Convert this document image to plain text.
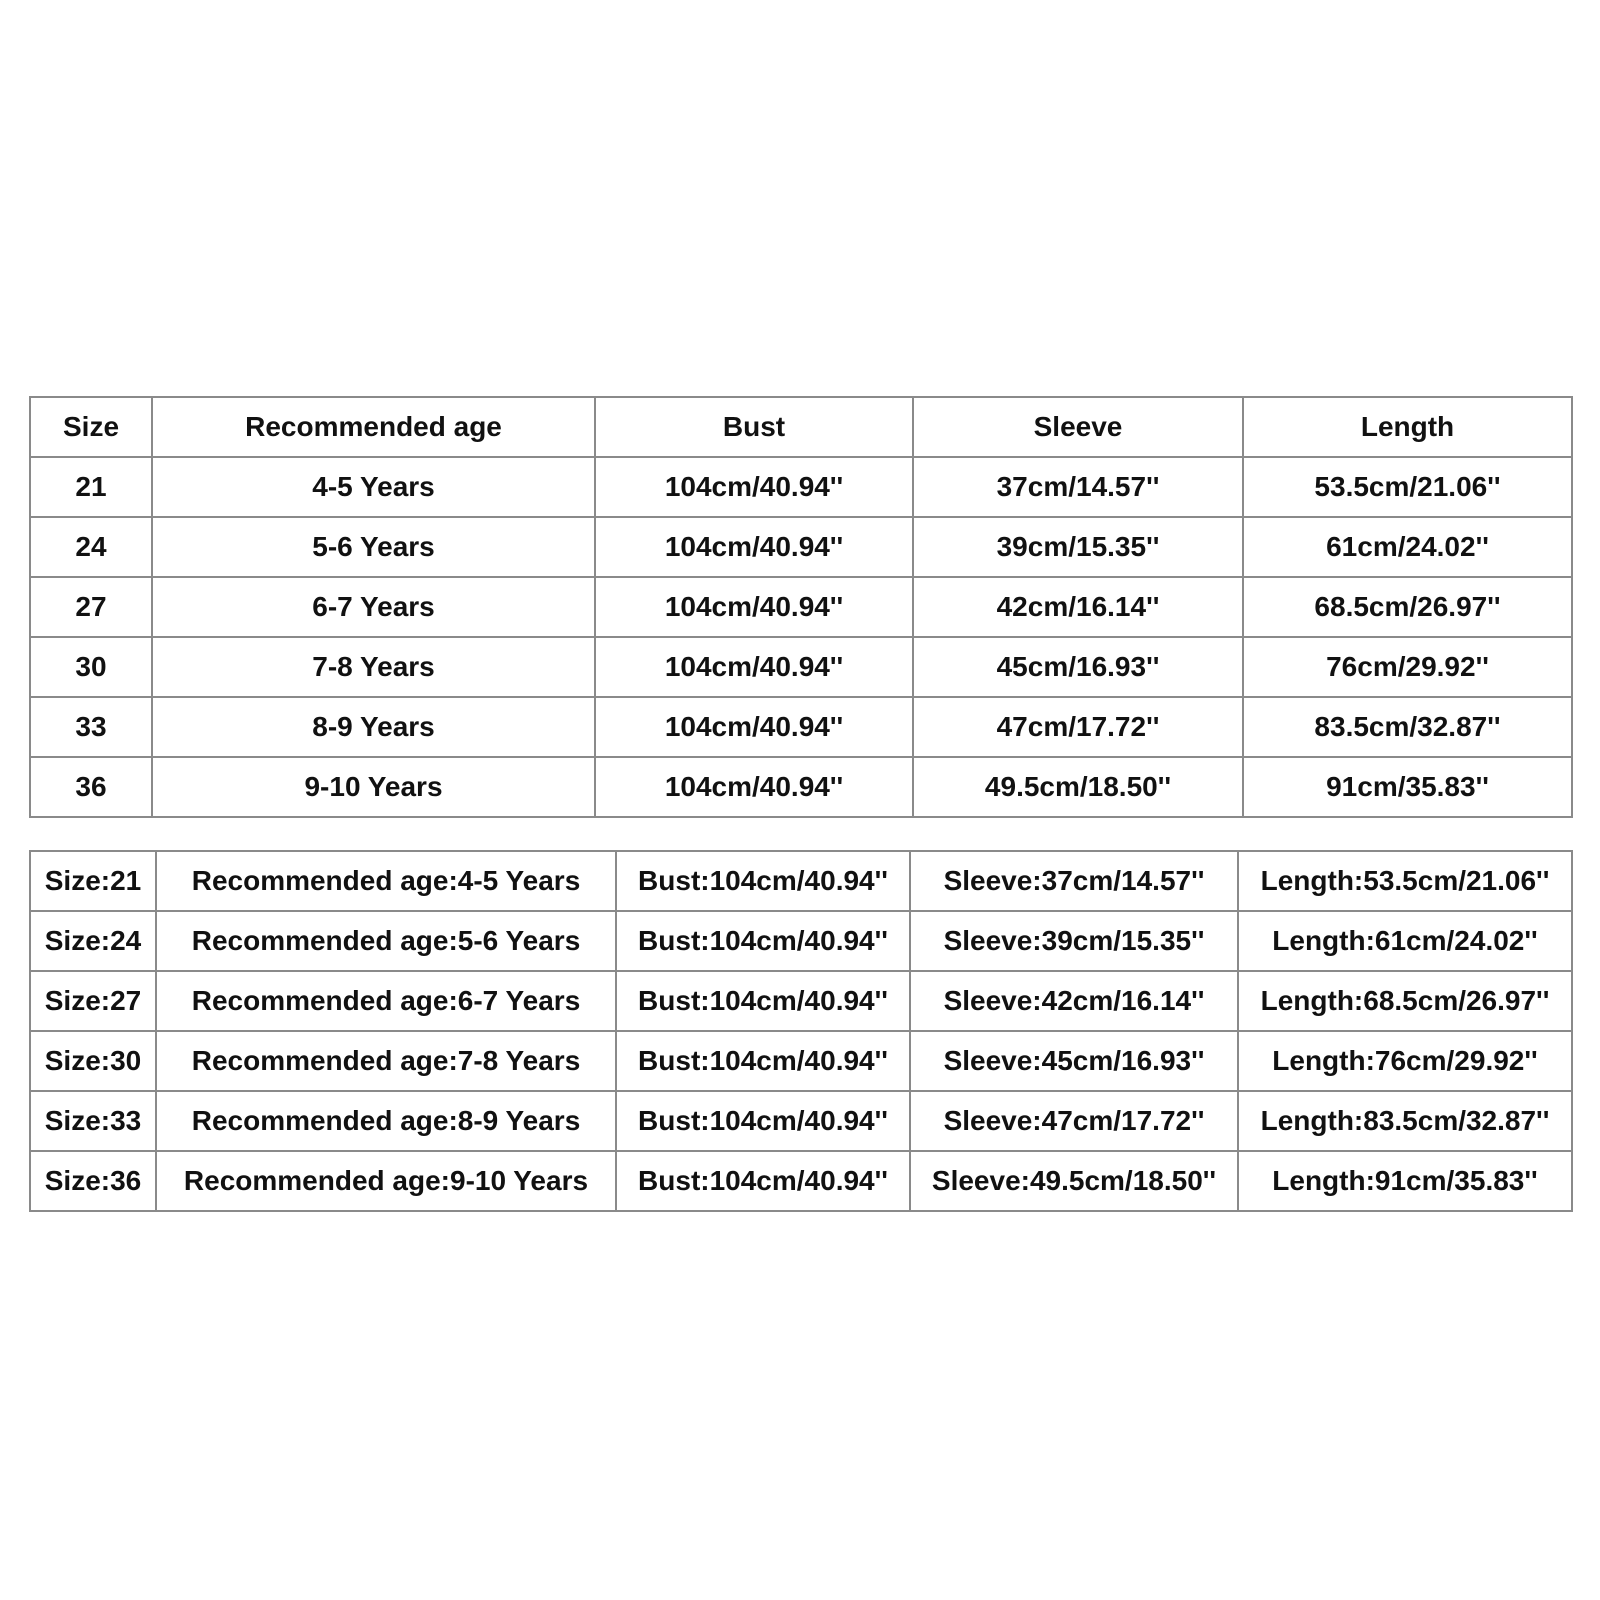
Size	Recommended age	Bust	Sleeve	Length
21	4-5 Years	104cm/40.94''	37cm/14.57''	53.5cm/21.06''
24	5-6 Years	104cm/40.94''	39cm/15.35''	61cm/24.02''
27	6-7 Years	104cm/40.94''	42cm/16.14''	68.5cm/26.97''
30	7-8 Years	104cm/40.94''	45cm/16.93''	76cm/29.92''
33	8-9 Years	104cm/40.94''	47cm/17.72''	83.5cm/32.87''
36	9-10 Years	104cm/40.94''	49.5cm/18.50''	91cm/35.83''
Size:21	Recommended age:4-5 Years	Bust:104cm/40.94''	Sleeve:37cm/14.57''	Length:53.5cm/21.06''
Size:24	Recommended age:5-6 Years	Bust:104cm/40.94''	Sleeve:39cm/15.35''	Length:61cm/24.02''
Size:27	Recommended age:6-7 Years	Bust:104cm/40.94''	Sleeve:42cm/16.14''	Length:68.5cm/26.97''
Size:30	Recommended age:7-8 Years	Bust:104cm/40.94''	Sleeve:45cm/16.93''	Length:76cm/29.92''
Size:33	Recommended age:8-9 Years	Bust:104cm/40.94''	Sleeve:47cm/17.72''	Length:83.5cm/32.87''
Size:36	Recommended age:9-10 Years	Bust:104cm/40.94''	Sleeve:49.5cm/18.50''	Length:91cm/35.83''
